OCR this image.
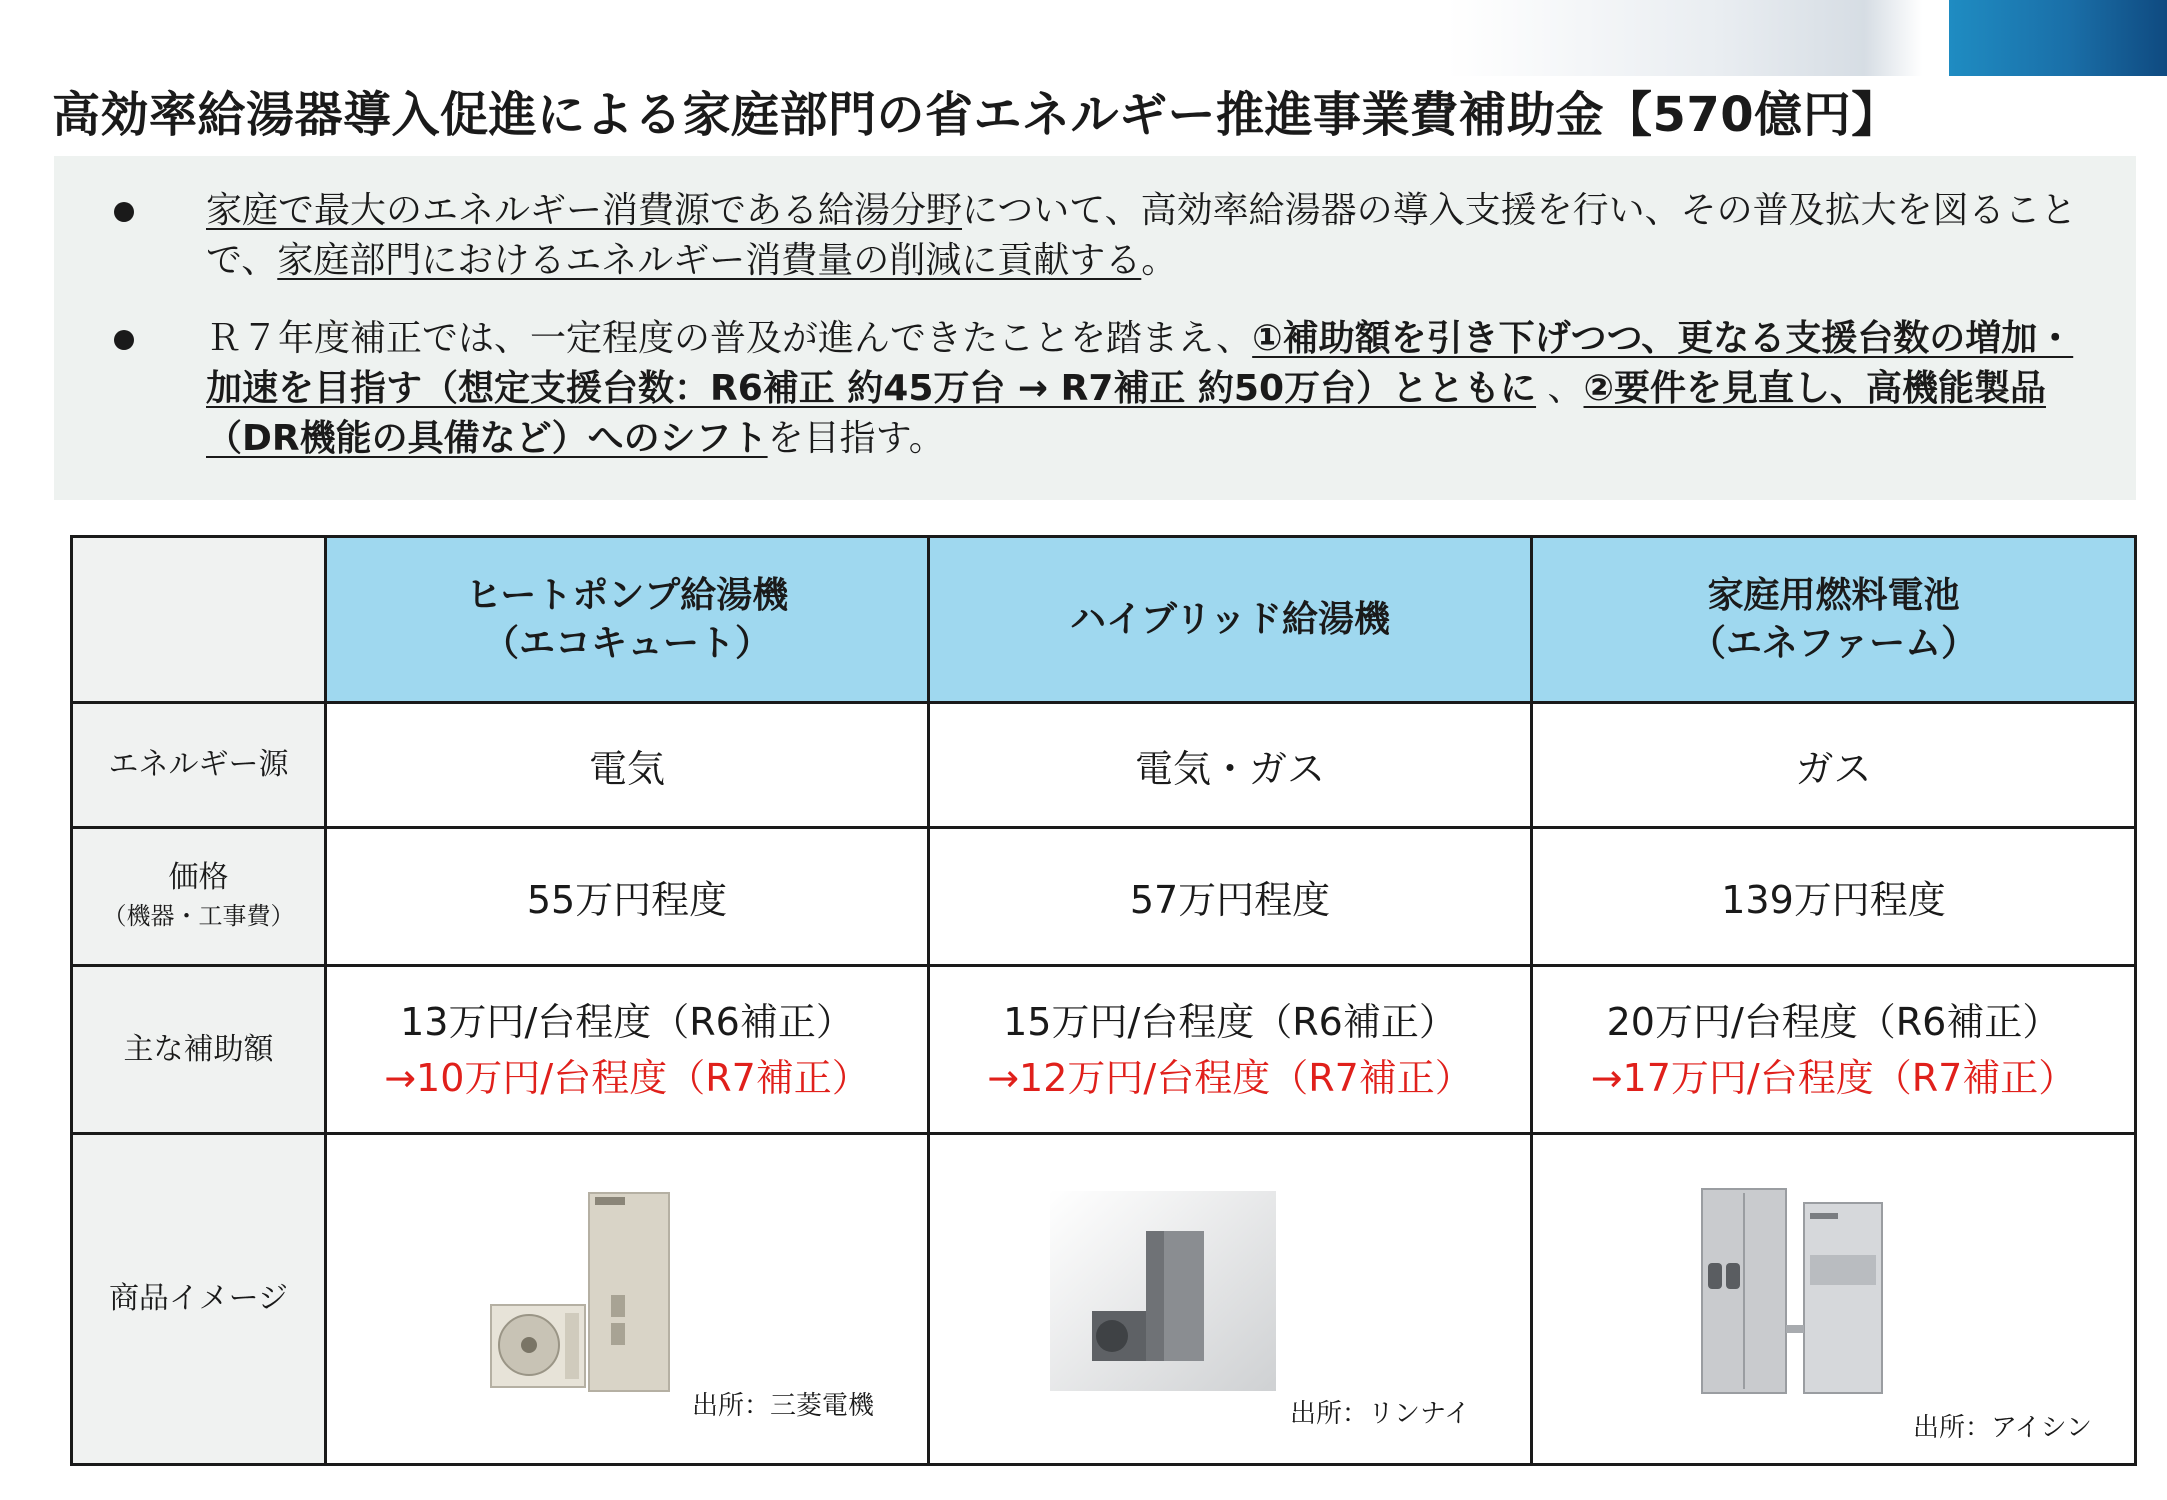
高効率給湯器導入促進による家庭部門の省エネルギー推進事業費補助金【570億円】
家庭で最大のエネルギー消費源である給湯分野について、高効率給湯器の導入支援を行い、その普及拡大を図ることで、家庭部門におけるエネルギー消費量の削減に貢献する。
Ｒ７年度補正では、一定程度の普及が進んできたことを踏まえ、①補助額を引き下げつつ、更なる支援台数の増加・加速を目指す（想定支援台数：R6補正 約45万台 → R7補正 約50万台）とともに 、②要件を見直し、高機能製品（DR機能の具備など）へのシフトを目指す。

	ヒートポンプ給湯機
（エコキュート）	ハイブリッド給湯機	家庭用燃料電池
（エネファーム）

エネルギー源	電気	電気・ガス	ガス

価格
（機器・工事費）	55万円程度	57万円程度	139万円程度
主な補助額	13万円/台程度（R6補正）
→10万円/台程度（R7補正）	15万円/台程度（R6補正）
→12万円/台程度（R7補正）	20万円/台程度（R6補正）
→17万円/台程度（R7補正）

商品イメージ	出所：三菱電機	出所：リンナイ	出所：アイシン
